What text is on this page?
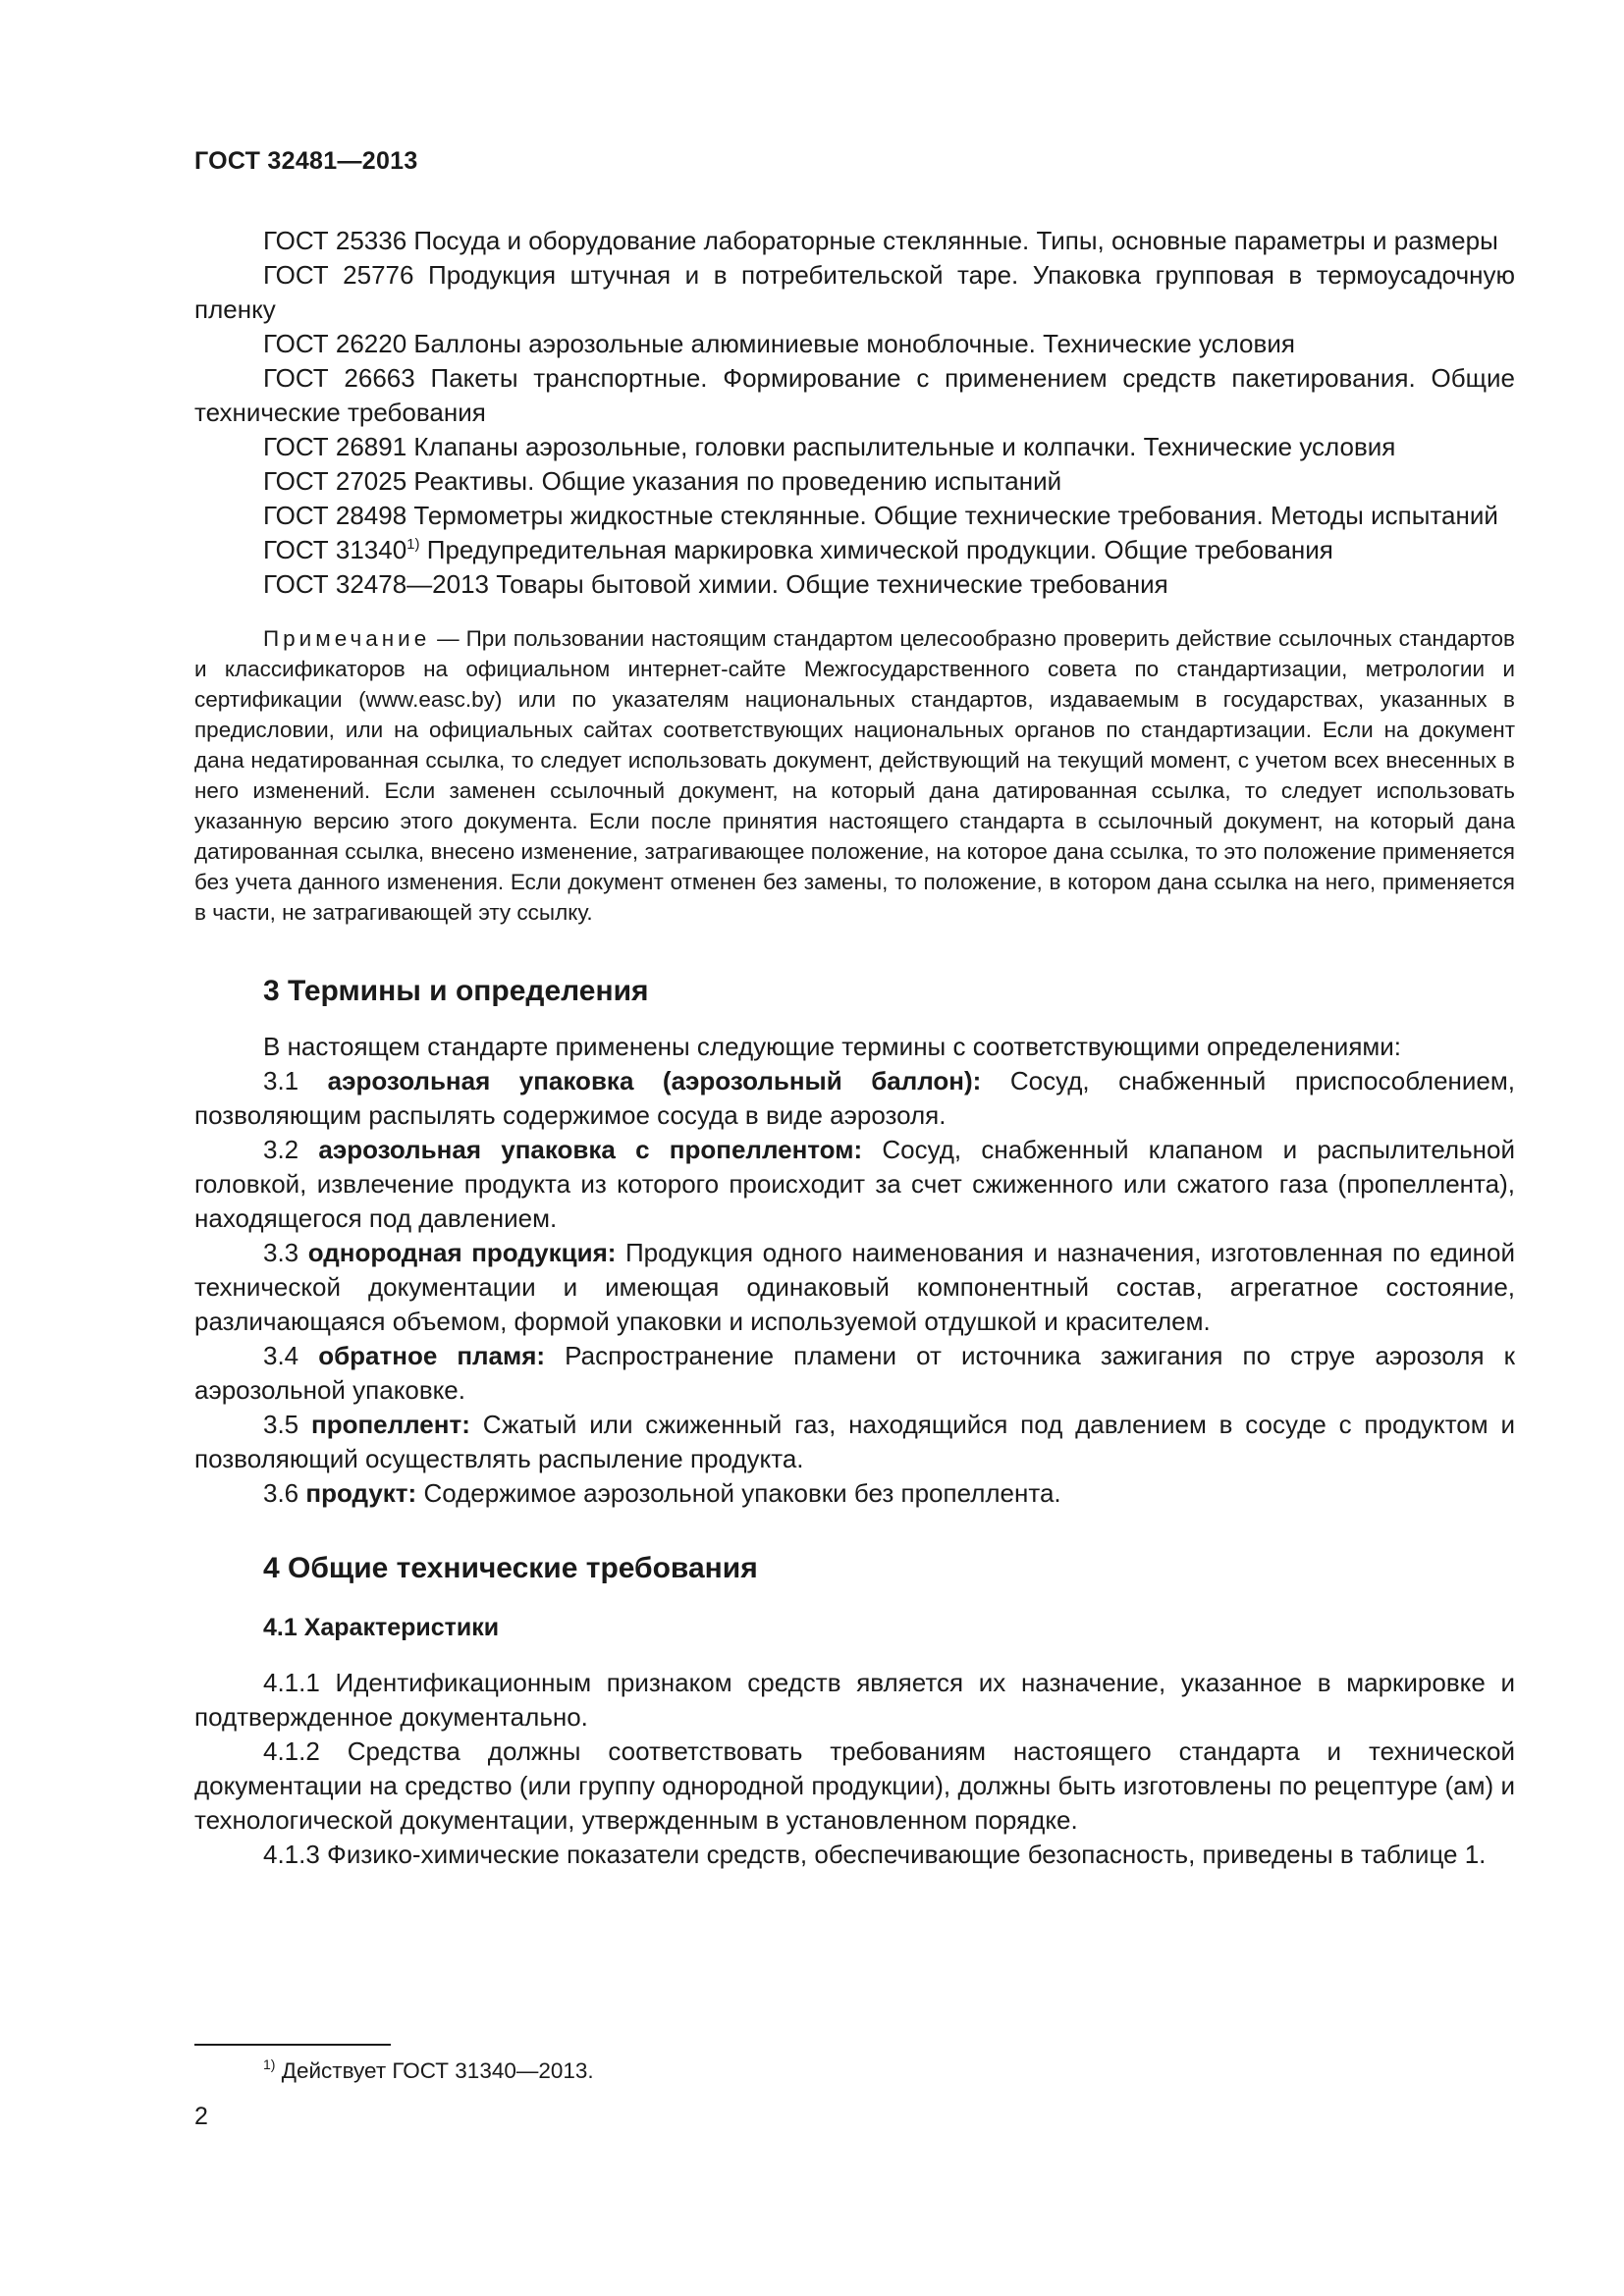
ГОСТ 32481—2013

ГОСТ 25336 Посуда и оборудование лабораторные стеклянные. Типы, основные параметры и размеры

ГОСТ 25776 Продукция штучная и в потребительской таре. Упаковка групповая в термоусадочную пленку

ГОСТ 26220 Баллоны аэрозольные алюминиевые моноблочные. Технические условия

ГОСТ 26663 Пакеты транспортные. Формирование с применением средств пакетирования. Общие технические требования

ГОСТ 26891 Клапаны аэрозольные, головки распылительные и колпачки. Технические условия

ГОСТ 27025 Реактивы. Общие указания по проведению испытаний

ГОСТ 28498 Термометры жидкостные стеклянные. Общие технические требования. Методы испытаний

ГОСТ 31340$^{1)}$ Предупредительная маркировка химической продукции. Общие требования

ГОСТ 32478—2013 Товары бытовой химии. Общие технические требования

Примечание — При пользовании настоящим стандартом целесообразно проверить действие ссылочных стандартов и классификаторов на официальном интернет-сайте Межгосударственного совета по стандартизации, метрологии и сертификации (www.easc.by) или по указателям национальных стандартов, издаваемым в государствах, указанных в предисловии, или на официальных сайтах соответствующих национальных органов по стандартизации. Если на документ дана недатированная ссылка, то следует использовать документ, действующий на текущий момент, с учетом всех внесенных в него изменений. Если заменен ссылочный документ, на который дана датированная ссылка, то следует использовать указанную версию этого документа. Если после принятия настоящего стандарта в ссылочный документ, на который дана датированная ссылка, внесено изменение, затрагивающее положение, на которое дана ссылка, то это положение применяется без учета данного изменения. Если документ отменен без замены, то положение, в котором дана ссылка на него, применяется в части, не затрагивающей эту ссылку.

3 Термины и определения

В настоящем стандарте применены следующие термины с соответствующими определениями:

3.1 аэрозольная упаковка (аэрозольный баллон): Сосуд, снабженный приспособлением, позволяющим распылять содержимое сосуда в виде аэрозоля.

3.2 аэрозольная упаковка с пропеллентом: Сосуд, снабженный клапаном и распылительной головкой, извлечение продукта из которого происходит за счет сжиженного или сжатого газа (пропеллента), находящегося под давлением.

3.3 однородная продукция: Продукция одного наименования и назначения, изготовленная по единой технической документации и имеющая одинаковый компонентный состав, агрегатное состояние, различающаяся объемом, формой упаковки и используемой отдушкой и красителем.

3.4 обратное пламя: Распространение пламени от источника зажигания по струе аэрозоля к аэрозольной упаковке.

3.5 пропеллент: Сжатый или сжиженный газ, находящийся под давлением в сосуде с продуктом и позволяющий осуществлять распыление продукта.

3.6 продукт: Содержимое аэрозольной упаковки без пропеллента.

4 Общие технические требования
4.1 Характеристики

4.1.1 Идентификационным признаком средств является их назначение, указанное в маркировке и подтвержденное документально.

4.1.2 Средства должны соответствовать требованиям настоящего стандарта и технической документации на средство (или группу однородной продукции), должны быть изготовлены по рецептуре (ам) и технологической документации, утвержденным в установленном порядке.

4.1.3 Физико-химические показатели средств, обеспечивающие безопасность, приведены в таблице 1.

$^{1)}$ Действует ГОСТ 31340—2013.
2
